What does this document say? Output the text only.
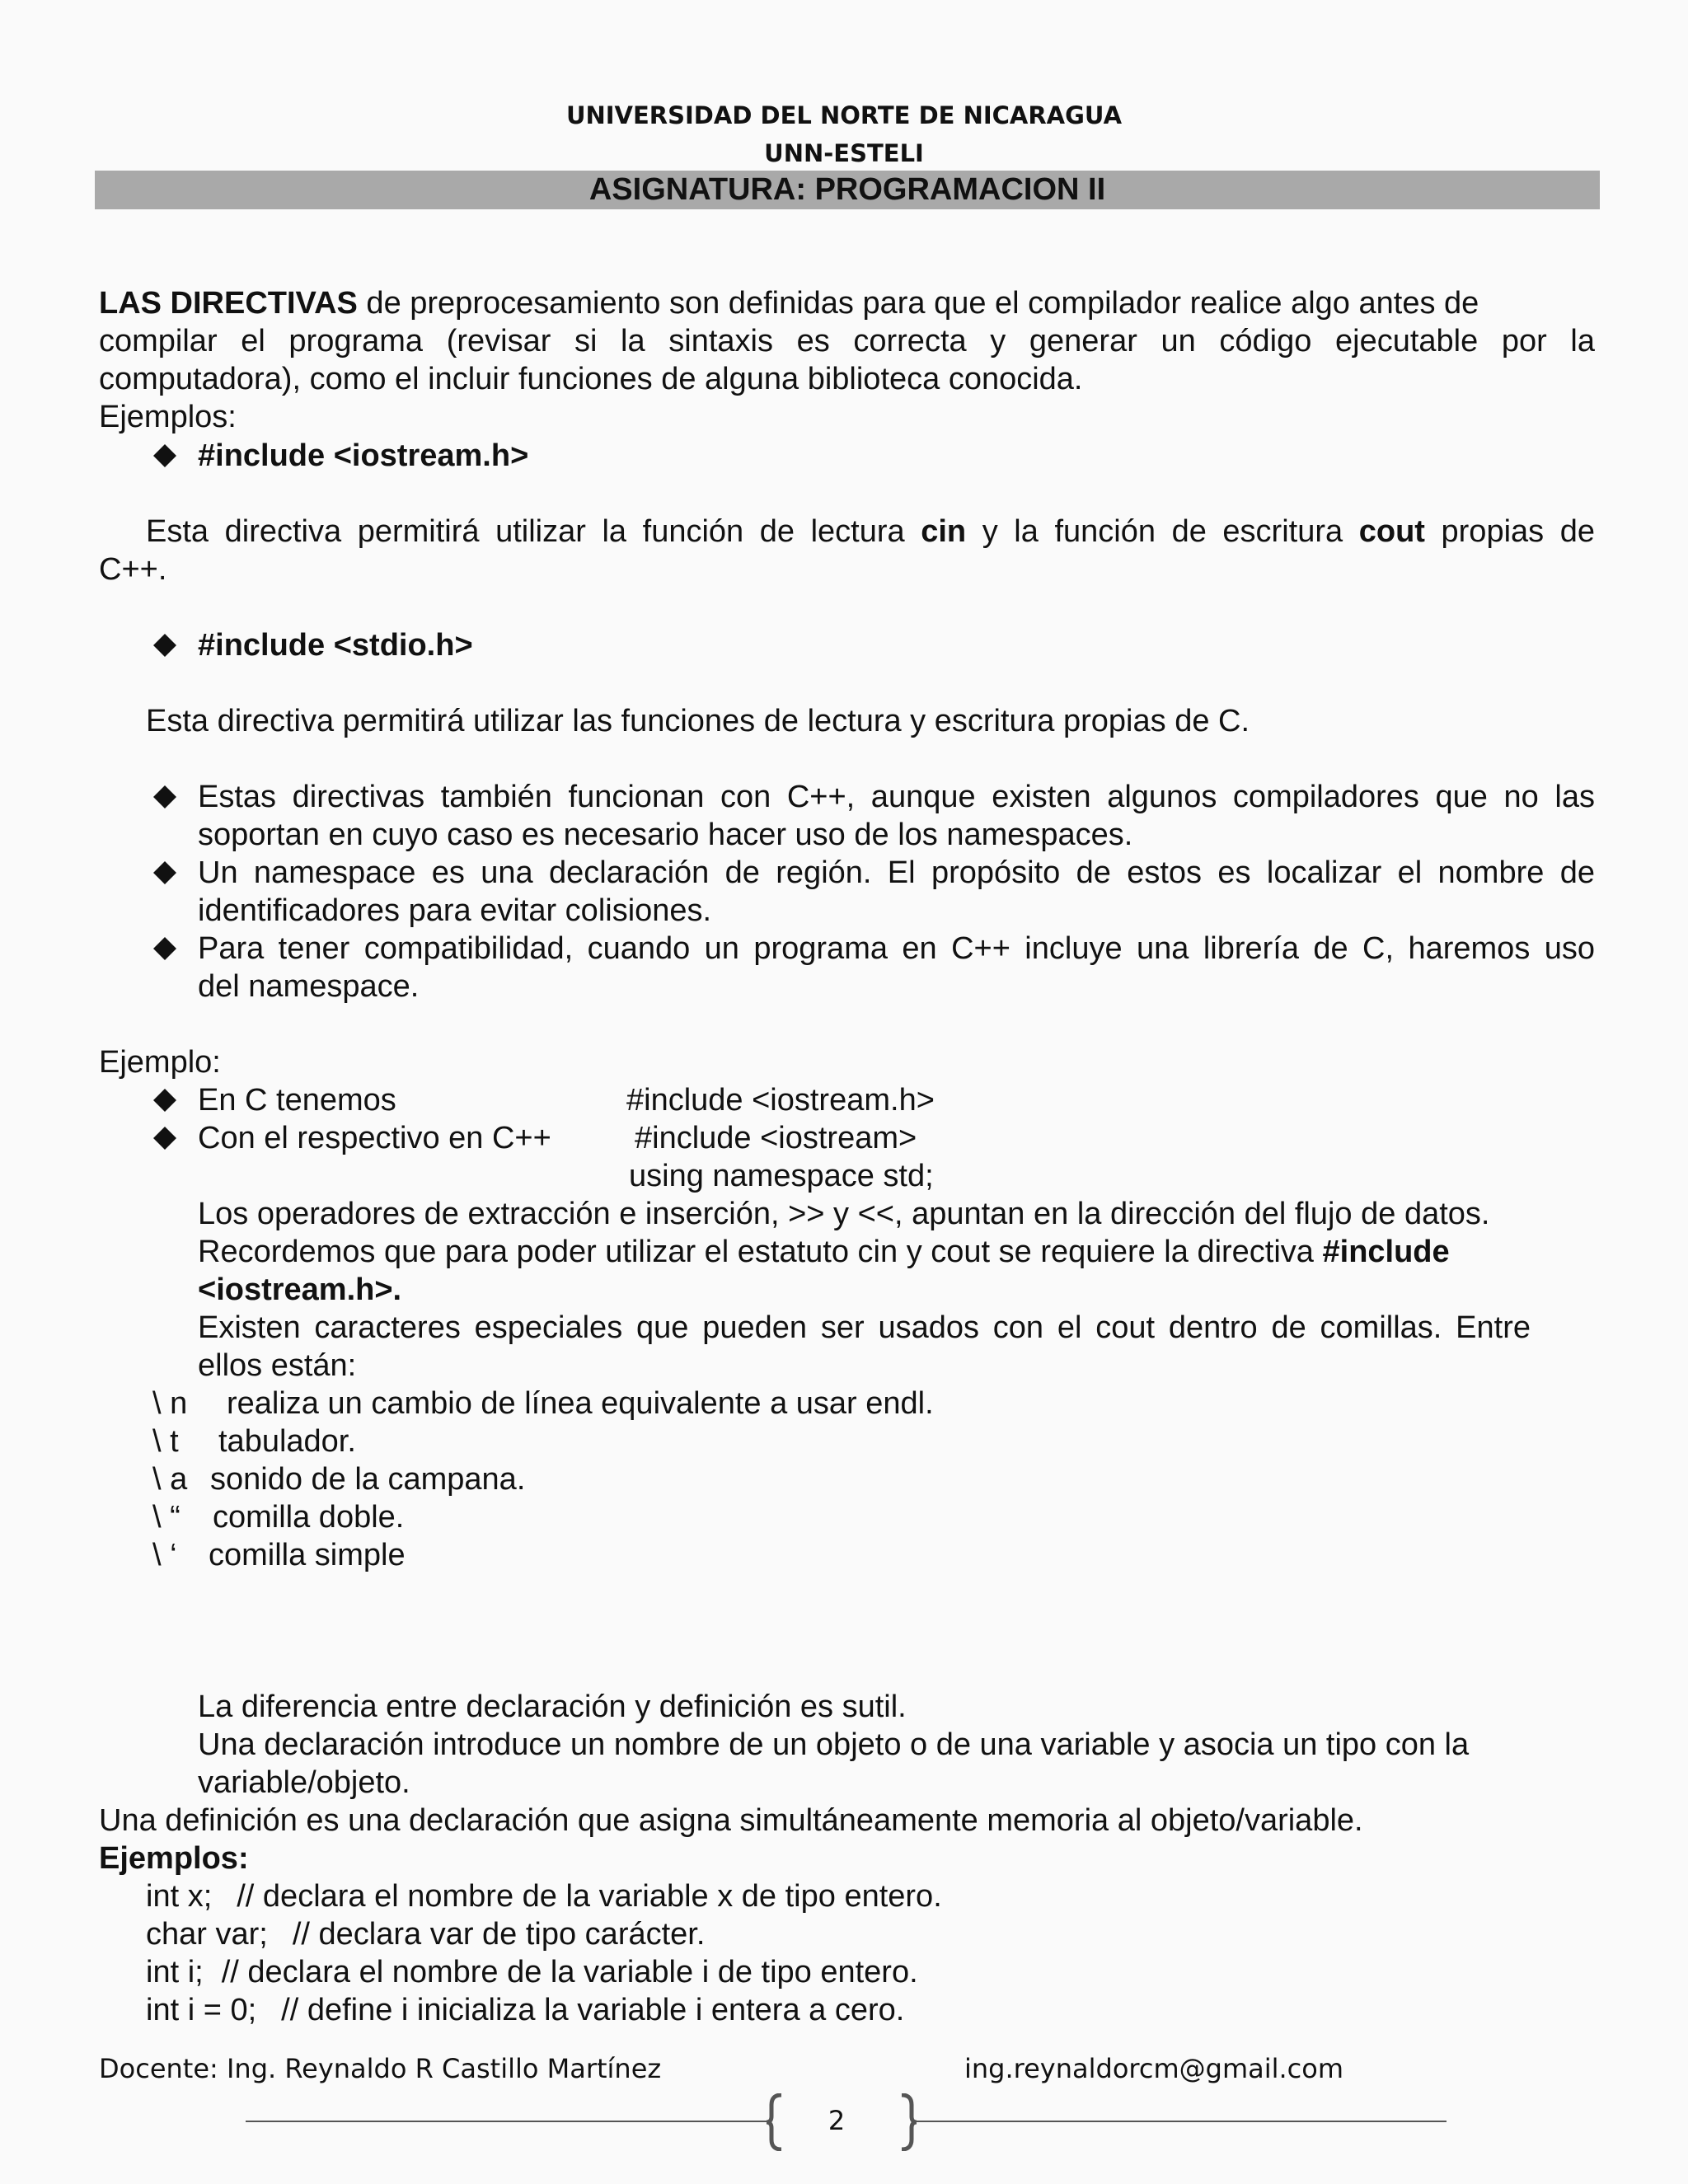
UNIVERSIDAD DEL NORTE DE NICARAGUA
UNN-ESTELI
ASIGNATURA: PROGRAMACION II
LAS DIRECTIVAS de preprocesamiento son definidas para que el compilador realice algo antes de
compilar el programa (revisar si la sintaxis es correcta y generar un código ejecutable por la
computadora), como el incluir funciones de alguna biblioteca conocida.
Ejemplos:
#include <iostream.h>
Esta directiva permitirá utilizar la función de lectura cin y la función de escritura cout propias de
C++.
#include <stdio.h>
Esta directiva permitirá utilizar las funciones de lectura y escritura propias de C.
Estas directivas también funcionan con C++, aunque existen algunos compiladores que no las
soportan en cuyo caso es necesario hacer uso de los namespaces.
Un namespace es una declaración de región. El propósito de estos es localizar el nombre de
identificadores para evitar colisiones.
Para tener compatibilidad, cuando un programa en C++ incluye una librería de C, haremos uso
del namespace.
Ejemplo:
En C tenemos	#include <iostream.h>
Con el respectivo en C++	#include <iostream>
using namespace std;
Los operadores de extracción e inserción, >> y <<, apuntan en la dirección del flujo de datos.
Recordemos que para poder utilizar el estatuto cin y cout se requiere la directiva #include
<iostream.h>.
Existen caracteres especiales que pueden ser usados con el cout dentro de comillas. Entre
ellos están:
\ n realiza un cambio de línea equivalente a usar endl.
\ t tabulador.
\ a sonido de la campana.
\ “ comilla doble.
\ ‘ comilla simple
La diferencia entre declaración y definición es sutil.
Una declaración introduce un nombre de un objeto o de una variable y asocia un tipo con la
variable/objeto.
Una definición es una declaración que asigna simultáneamente memoria al objeto/variable.
Ejemplos:
int x; // declara el nombre de la variable x de tipo entero.
char var; // declara var de tipo carácter.
int i; // declara el nombre de la variable i de tipo entero.
int i = 0; // define i inicializa la variable i entera a cero.
Docente: Ing. Reynaldo R Castillo Martínez	ing.reynaldorcm@gmail.com
2
